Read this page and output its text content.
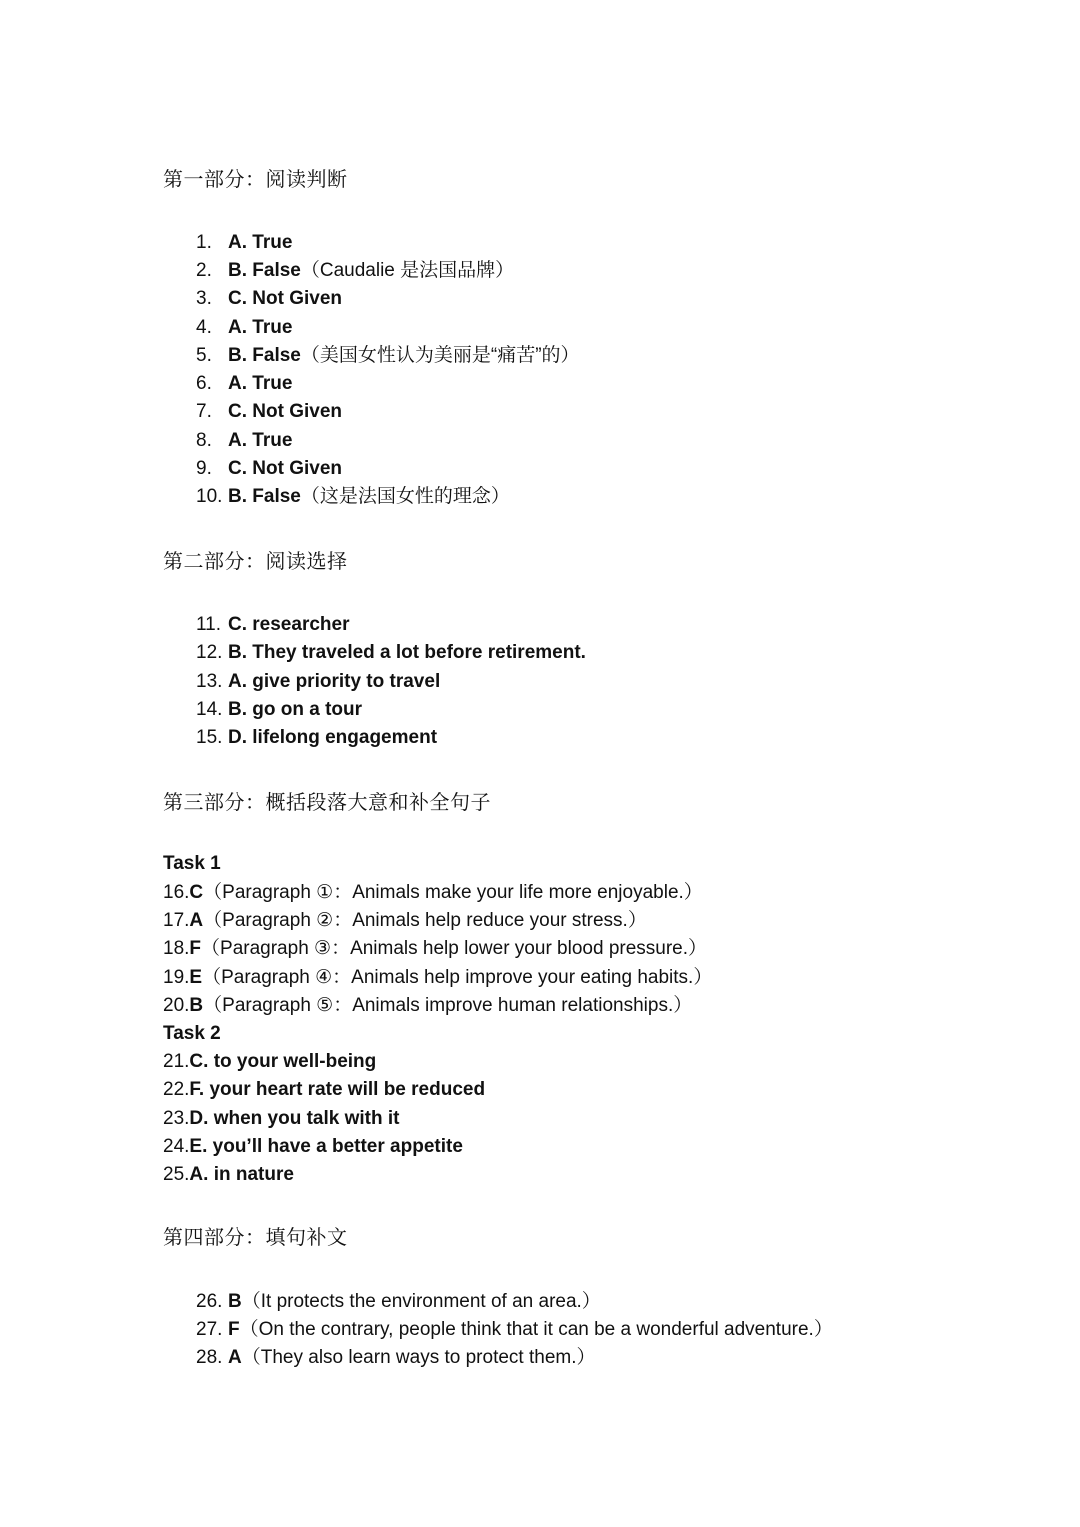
第一部分：阅读判断
1. A. True
2. B. False（Caudalie 是法国品牌）
3. C. Not Given
4. A. True
5. B. False（美国女性认为美丽是“痛苦”的）
6. A. True
7. C. Not Given
8. A. True
9. C. Not Given
10. B. False（这是法国女性的理念）
第二部分：阅读选择
11. C. researcher
12. B. They traveled a lot before retirement.
13. A. give priority to travel
14. B. go on a tour
15. D. lifelong engagement
第三部分：概括段落大意和补全句子
Task 1
16.C（Paragraph ①：Animals make your life more enjoyable.）
17.A（Paragraph ②：Animals help reduce your stress.）
18.F（Paragraph ③：Animals help lower your blood pressure.）
19.E（Paragraph ④：Animals help improve your eating habits.）
20.B（Paragraph ⑤：Animals improve human relationships.）
Task 2
21.C. to your well-being
22.F. your heart rate will be reduced
23.D. when you talk with it
24.E. you’ll have a better appetite
25.A. in nature
第四部分：填句补文
26. B（It protects the environment of an area.）
27. F（On the contrary, people think that it can be a wonderful adventure.）
28. A（They also learn ways to protect them.）
